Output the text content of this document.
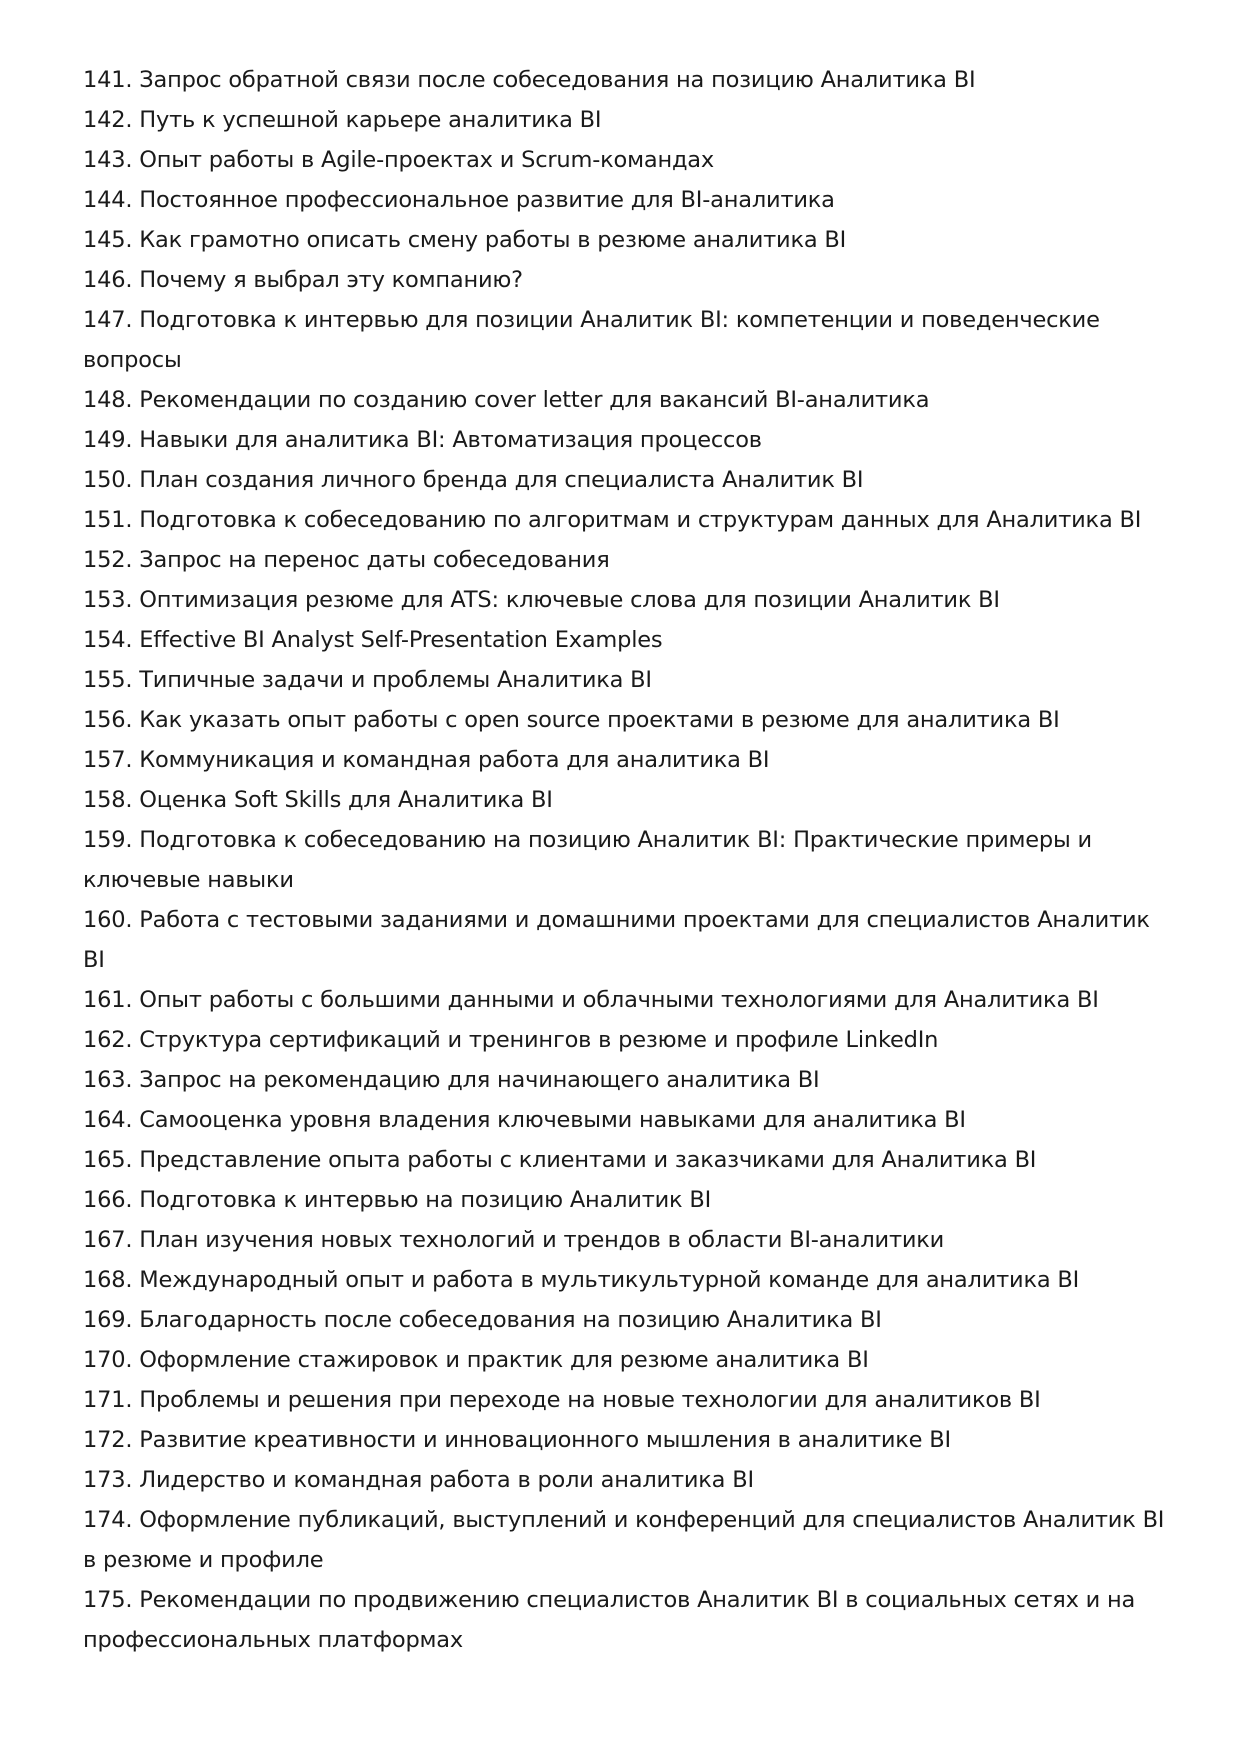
141. Запрос обратной связи после собеседования на позицию Аналитика BI

142. Путь к успешной карьере аналитика BI

143. Опыт работы в Agile-проектах и Scrum-командах

144. Постоянное профессиональное развитие для BI-аналитика

145. Как грамотно описать смену работы в резюме аналитика BI

146. Почему я выбрал эту компанию?

147. Подготовка к интервью для позиции Аналитик BI: компетенции и поведенческие вопросы

148. Рекомендации по созданию cover letter для вакансий BI-аналитика

149. Навыки для аналитика BI: Автоматизация процессов

150. План создания личного бренда для специалиста Аналитик BI

151. Подготовка к собеседованию по алгоритмам и структурам данных для Аналитика BI

152. Запрос на перенос даты собеседования

153. Оптимизация резюме для ATS: ключевые слова для позиции Аналитик BI

154. Effective BI Analyst Self-Presentation Examples

155. Типичные задачи и проблемы Аналитика BI

156. Как указать опыт работы с open source проектами в резюме для аналитика BI

157. Коммуникация и командная работа для аналитика BI

158. Оценка Soft Skills для Аналитика BI

159. Подготовка к собеседованию на позицию Аналитик BI: Практические примеры и ключевые навыки

160. Работа с тестовыми заданиями и домашними проектами для специалистов Аналитик BI

161. Опыт работы с большими данными и облачными технологиями для Аналитика BI

162. Структура сертификаций и тренингов в резюме и профиле LinkedIn

163. Запрос на рекомендацию для начинающего аналитика BI

164. Самооценка уровня владения ключевыми навыками для аналитика BI

165. Представление опыта работы с клиентами и заказчиками для Аналитика BI

166. Подготовка к интервью на позицию Аналитик BI

167. План изучения новых технологий и трендов в области BI-аналитики

168. Международный опыт и работа в мультикультурной команде для аналитика BI

169. Благодарность после собеседования на позицию Аналитика BI

170. Оформление стажировок и практик для резюме аналитика BI

171. Проблемы и решения при переходе на новые технологии для аналитиков BI

172. Развитие креативности и инновационного мышления в аналитике BI

173. Лидерство и командная работа в роли аналитика BI

174. Оформление публикаций, выступлений и конференций для специалистов Аналитик BI в резюме и профиле

175. Рекомендации по продвижению специалистов Аналитик BI в социальных сетях и на профессиональных платформах
